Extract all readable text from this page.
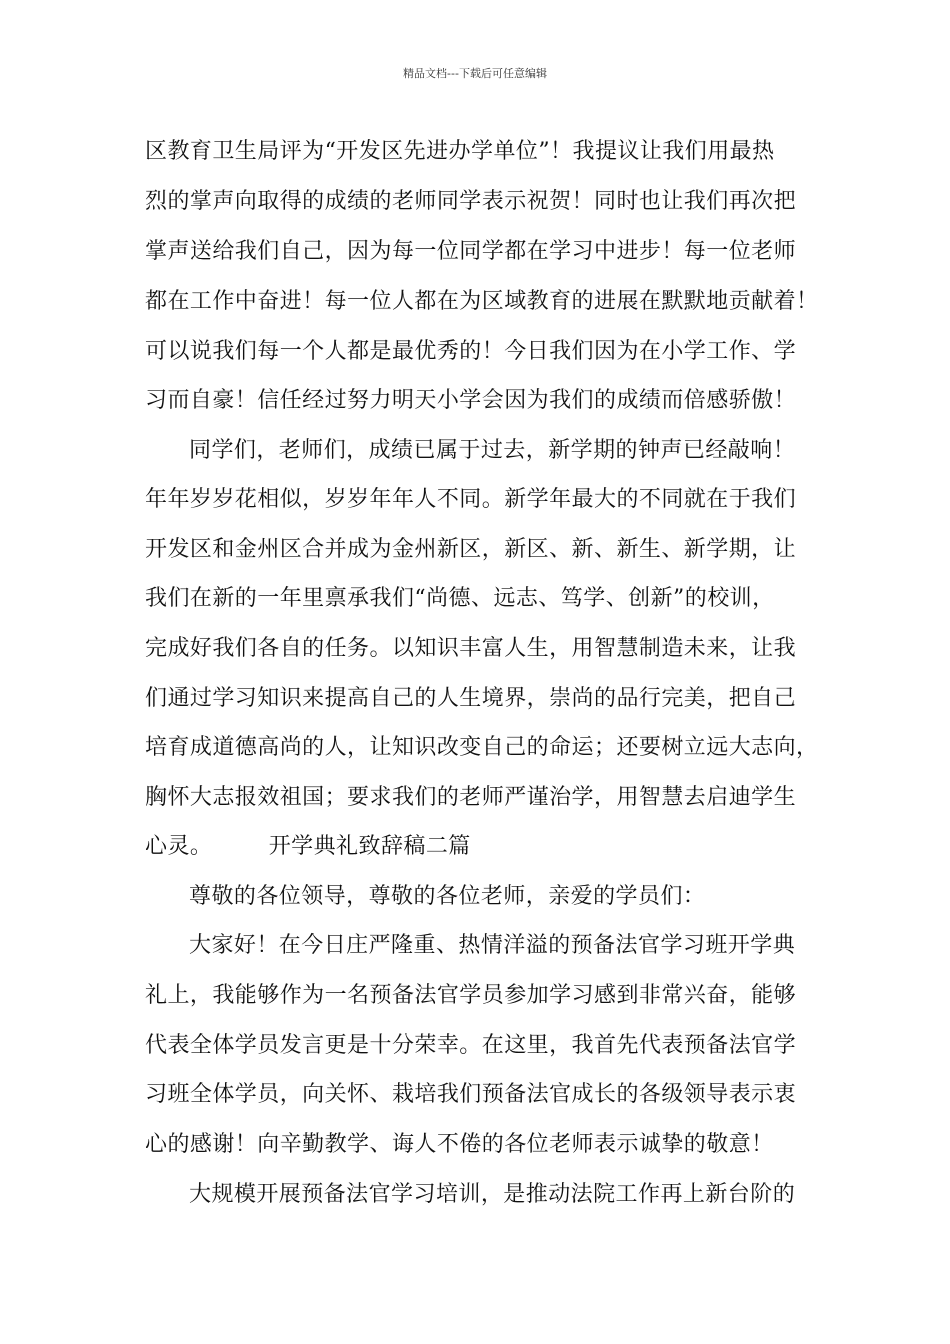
精品文档---下载后可任意编辑
区教育卫生局评为“开发区先进办学单位”！我提议让我们用最热
烈的掌声向取得的成绩的老师同学表示祝贺！同时也让我们再次把
掌声送给我们自己，因为每一位同学都在学习中进步！每一位老师
都在工作中奋进！每一位人都在为区域教育的进展在默默地贡献着！
可以说我们每一个人都是最优秀的！今日我们因为在小学工作、学
习而自豪！信任经过努力明天小学会因为我们的成绩而倍感骄傲！
同学们，老师们，成绩已属于过去，新学期的钟声已经敲响！
年年岁岁花相似，岁岁年年人不同。新学年最大的不同就在于我们
开发区和金州区合并成为金州新区，新区、新、新生、新学期，让
我们在新的一年里禀承我们“尚德、远志、笃学、创新”的校训，
完成好我们各自的任务。以知识丰富人生，用智慧制造未来，让我
们通过学习知识来提高自己的人生境界，崇尚的品行完美，把自己
培育成道德高尚的人，让知识改变自己的命运；还要树立远大志向，
胸怀大志报效祖国；要求我们的老师严谨治学，用智慧去启迪学生
心灵。　　　开学典礼致辞稿二篇
尊敬的各位领导，尊敬的各位老师，亲爱的学员们：
大家好！在今日庄严隆重、热情洋溢的预备法官学习班开学典
礼上，我能够作为一名预备法官学员参加学习感到非常兴奋，能够
代表全体学员发言更是十分荣幸。在这里，我首先代表预备法官学
习班全体学员，向关怀、栽培我们预备法官成长的各级领导表示衷
心的感谢！向辛勤教学、诲人不倦的各位老师表示诚挚的敬意！
大规模开展预备法官学习培训，是推动法院工作再上新台阶的
